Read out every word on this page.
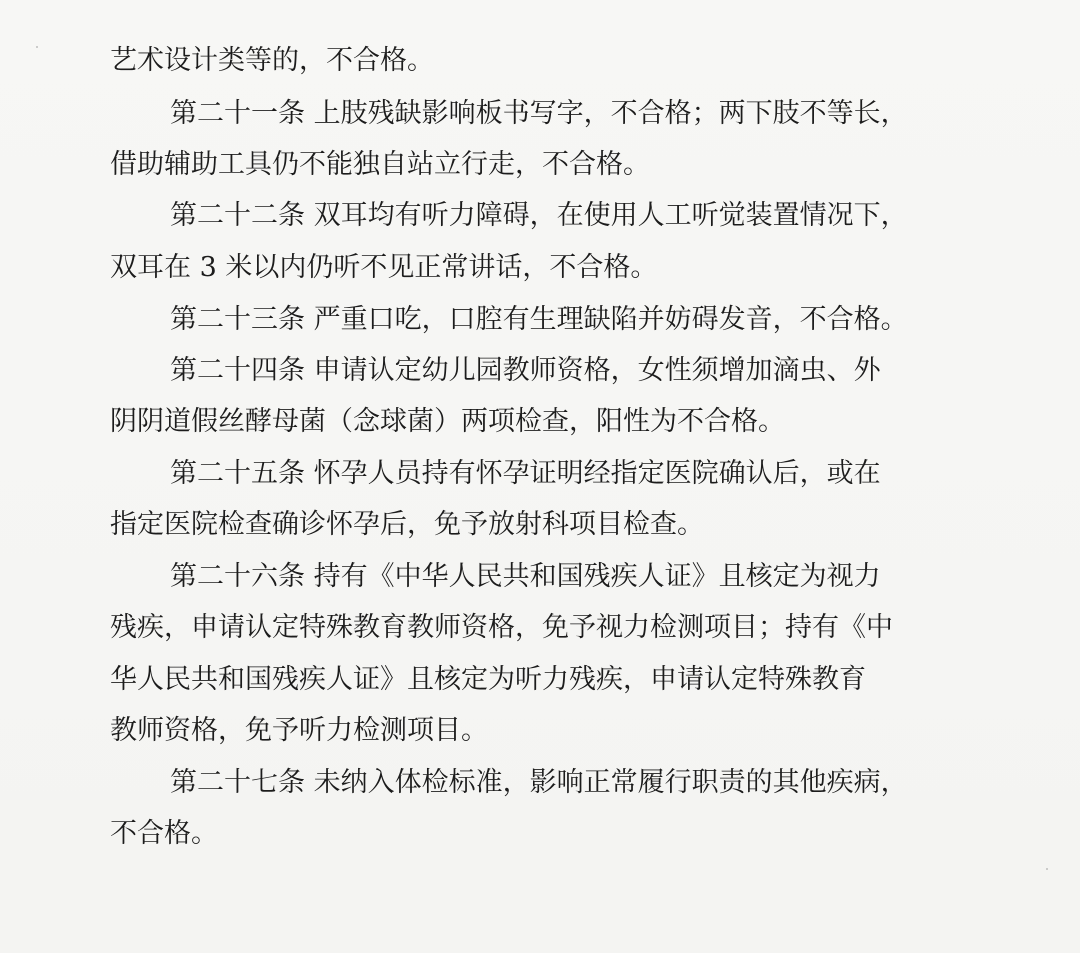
艺术设计类等的，不合格。
第二十一条 上肢残缺影响板书写字，不合格；两下肢不等长，
借助辅助工具仍不能独自站立行走，不合格。
第二十二条 双耳均有听力障碍，在使用人工听觉装置情况下，
双耳在 3 米以内仍听不见正常讲话，不合格。
第二十三条 严重口吃，口腔有生理缺陷并妨碍发音，不合格。
第二十四条 申请认定幼儿园教师资格，女性须增加滴虫、外
阴阴道假丝酵母菌（念球菌）两项检查，阳性为不合格。
第二十五条 怀孕人员持有怀孕证明经指定医院确认后，或在
指定医院检查确诊怀孕后，免予放射科项目检查。
第二十六条 持有《中华人民共和国残疾人证》且核定为视力
残疾，申请认定特殊教育教师资格，免予视力检测项目；持有《中
华人民共和国残疾人证》且核定为听力残疾，申请认定特殊教育
教师资格，免予听力检测项目。
第二十七条 未纳入体检标准，影响正常履行职责的其他疾病，
不合格。
